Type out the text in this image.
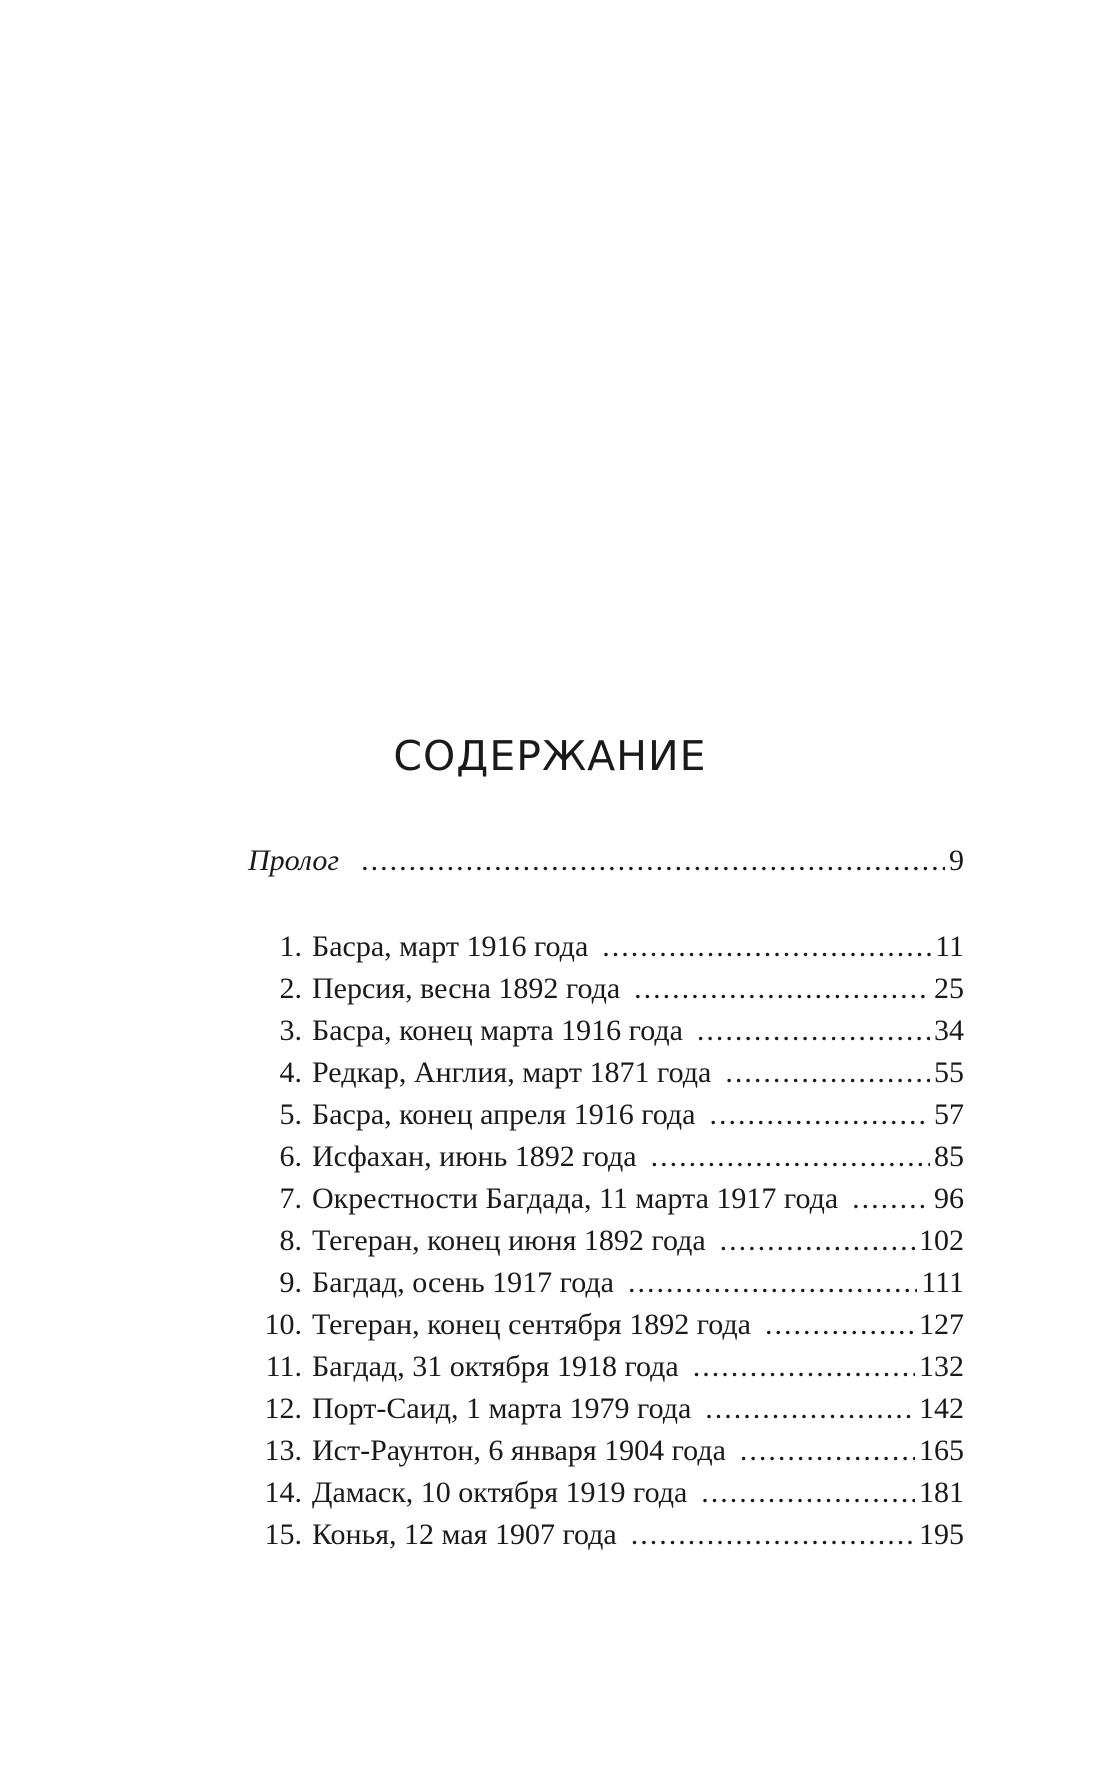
СОДЕРЖАНИЕ
Пролог .....	9
1. Басра, март 1916 года .....	11
2. Персия, весна 1892 года .....	25
3. Басра, конец марта 1916 года .....	34
4. Редкар, Англия, март 1871 года .....	55
5. Басра, конец апреля 1916 года .....	57
6. Исфахан, июнь 1892 года .....	85
7. Окрестности Багдада, 11 марта 1917 года .....	96
8. Тегеран, конец июня 1892 года .....	102
9. Багдад, осень 1917 года .....	111
10. Тегеран, конец сентября 1892 года .....	127
11. Багдад, 31 октября 1918 года .....	132
12. Порт-Саид, 1 марта 1979 года .....	142
13. Ист-Раунтон, 6 января 1904 года .....	165
14. Дамаск, 10 октября 1919 года .....	181
15. Конья, 12 мая 1907 года .....	195
